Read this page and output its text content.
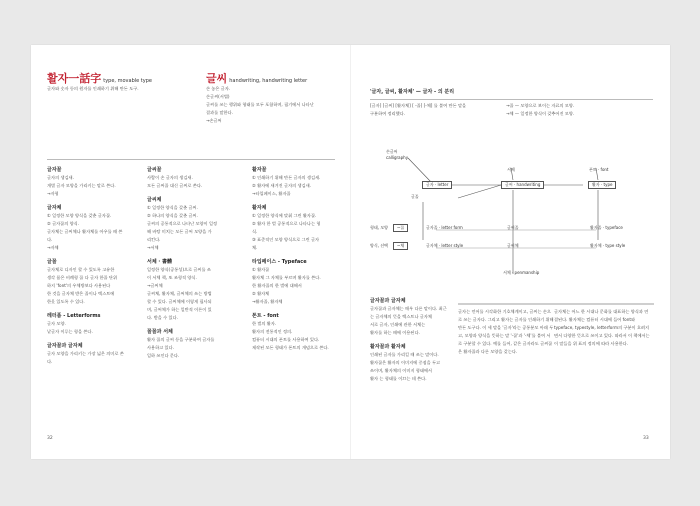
활자一話字 type, movable type
글자와 숫자 등의 원자를 인쇄하기 위해 만든 도구.
글자꼴
글자의 생김새.
개별 글자 모양을 가리키는 말로 쓴다.
→자형
글자체
① 일정한 모양 양식을 갖춘 글자꼴.
② 글자꼴의 양식.
글자체는 글씨체나 활자체를 아우를 때 쓴다.
→자체
글꼴
글자체로 디자인 할 수 있도록 고유한
생각 품은 비례형 꼴 다 글자 한꼴 단위
하지 'font'의 우체방보다 사용된다
한 것을 글자체 받은 꼴이나 텍스트에
한옷 있도록 수 있다.
레터폼 - Letterforms
글자 모양.
낱글자 이루는 형을 쓴다.
글자꼴과 글자체
글자 모양을 가리키는 가장 넓은 의미로 쓴다.
글씨꼴
사람이 손 글자의 생김새.
모든 글씨꼴 대신 글씨로 쓴다.
글씨체
① 일정한 양식을 갖춘 글씨.
② 하나의 양식을 갖춘 글씨.
글씨의 공통적으로 나타난 모양이 일정
해 바탕 미치는 모든 글씨 모양을 가
리킨다.
→서체
서체 · 書體
일정한 양식(공통성)으로 글씨를 쓰
이 서체 책, 또 조형적 양식.
→글씨체
글씨체, 활자체, 글씨체의 쓰는 방법
할 수 있다. 글씨체에 이렇게 필사되
며, 글씨체가 하는 일반적 이론이 있
다. 받을 수 있다.
꼴꼴과 서체
활자 꼴의 글씨 등을 구분하여 글자를
사용하고 있다.
일하 쓰인다 문다.
활자꼴
① 인쇄하기 위해 만든 글자의 생김새.
② 활자에 새겨진 글자의 생김새.
→타입페이스, 활자꼴
활자체
① 일정한 양식에 맞춰 그린 활자꼴.
② 활자 한 벌 공통적으로 나타나는 형
식.
③ 표준적인 모양 양식으로 그린 글자
체.
타입페이스 - Typeface
① 활자꼴
활자체 그 자체를 부르며 활자를 쓴다.
한 활자꼴의 한 벌에 대해서
② 활자체
→활자꼴, 활자체
폰트 - font
한 벌의 활자.
활자의 전통적인 정의.
컴퓨터 시대의 폰트를 사용하여 있다.
제작된 모든 형태가 폰트의 개념으로 쓴다.
32
글씨 handwriting, handwriting letter
손 놓은 글자.
손글씨(서법)
글씨를 쓰는 행위와 형태를 모두 포함하며, 필기에서 나타난
결과를 말한다.
→손글씨
'글자, 글씨, 활자체' — 글자 - 의 분리
[글자] [글씨] [활자체] [ -꼴] [-체] 를 붙여 만든 말을
구분하여 정리했다.
→꼴 — 모양으로 보이는 자료의 모양.
→체 — 일정한 양식이 갖추어진 모양.
손글씨
calligraphy
서체	폰트 · font
글꼴
글자 · letter	글씨 · handwriting	활자 · type
형태, 모양	~꼴	글자꼴 · letter form	글씨꼴	활자꼴 · typeface
양식, 선택	~체	글자체 · letter style	글씨체	활자체 · type style
서체 · penmanship
글자꼴과 글자체
글자꼴과 글자체는 매우 다른 말이다. 최근
는 글자체의 뜻을 텍스트나 글자체
서로 글자, 인쇄에 관한 서체는
활자를 하는 때에 이용된다.
활자꼴과 활자체
인쇄된 글자를 가리킬 때 쓰는 말이다.
활자꼴은 활자의 이미지에 중점을 두고
쓰이며, 활자체의 이미지 형태에서
활자 는 형태를 이끄는 데 쓴다.
글자는 언어를 시각화한 기호체계이고, 글씨는 손으로 쓰는 글자다. 그리고 활자는 글자를 인쇄하기 위해 만든 도구다. 이 세 말을 '글자'라는 공통분모 아래 두고, 모양과 양식을 뜻하는 말 '-꼴'과 '-체'를 붙여 서로 구분할 수 있다. 예를 들어, 같은 글자라도 글씨꼴은 활자꼴과 다른 모양을 갖는다.
글자체는 어느 한 시대나 문화를 대표하는 양식과 연결된다. 활자체는 컴퓨터 시대에 들어 font와 typeface, typestyle, letterform의 구분이 흐려지면서 다양한 뜻으로 쓰이고 있다. 따라서 이 책에서는 이 말들을 위 표의 정의에 따라 사용한다.
33
